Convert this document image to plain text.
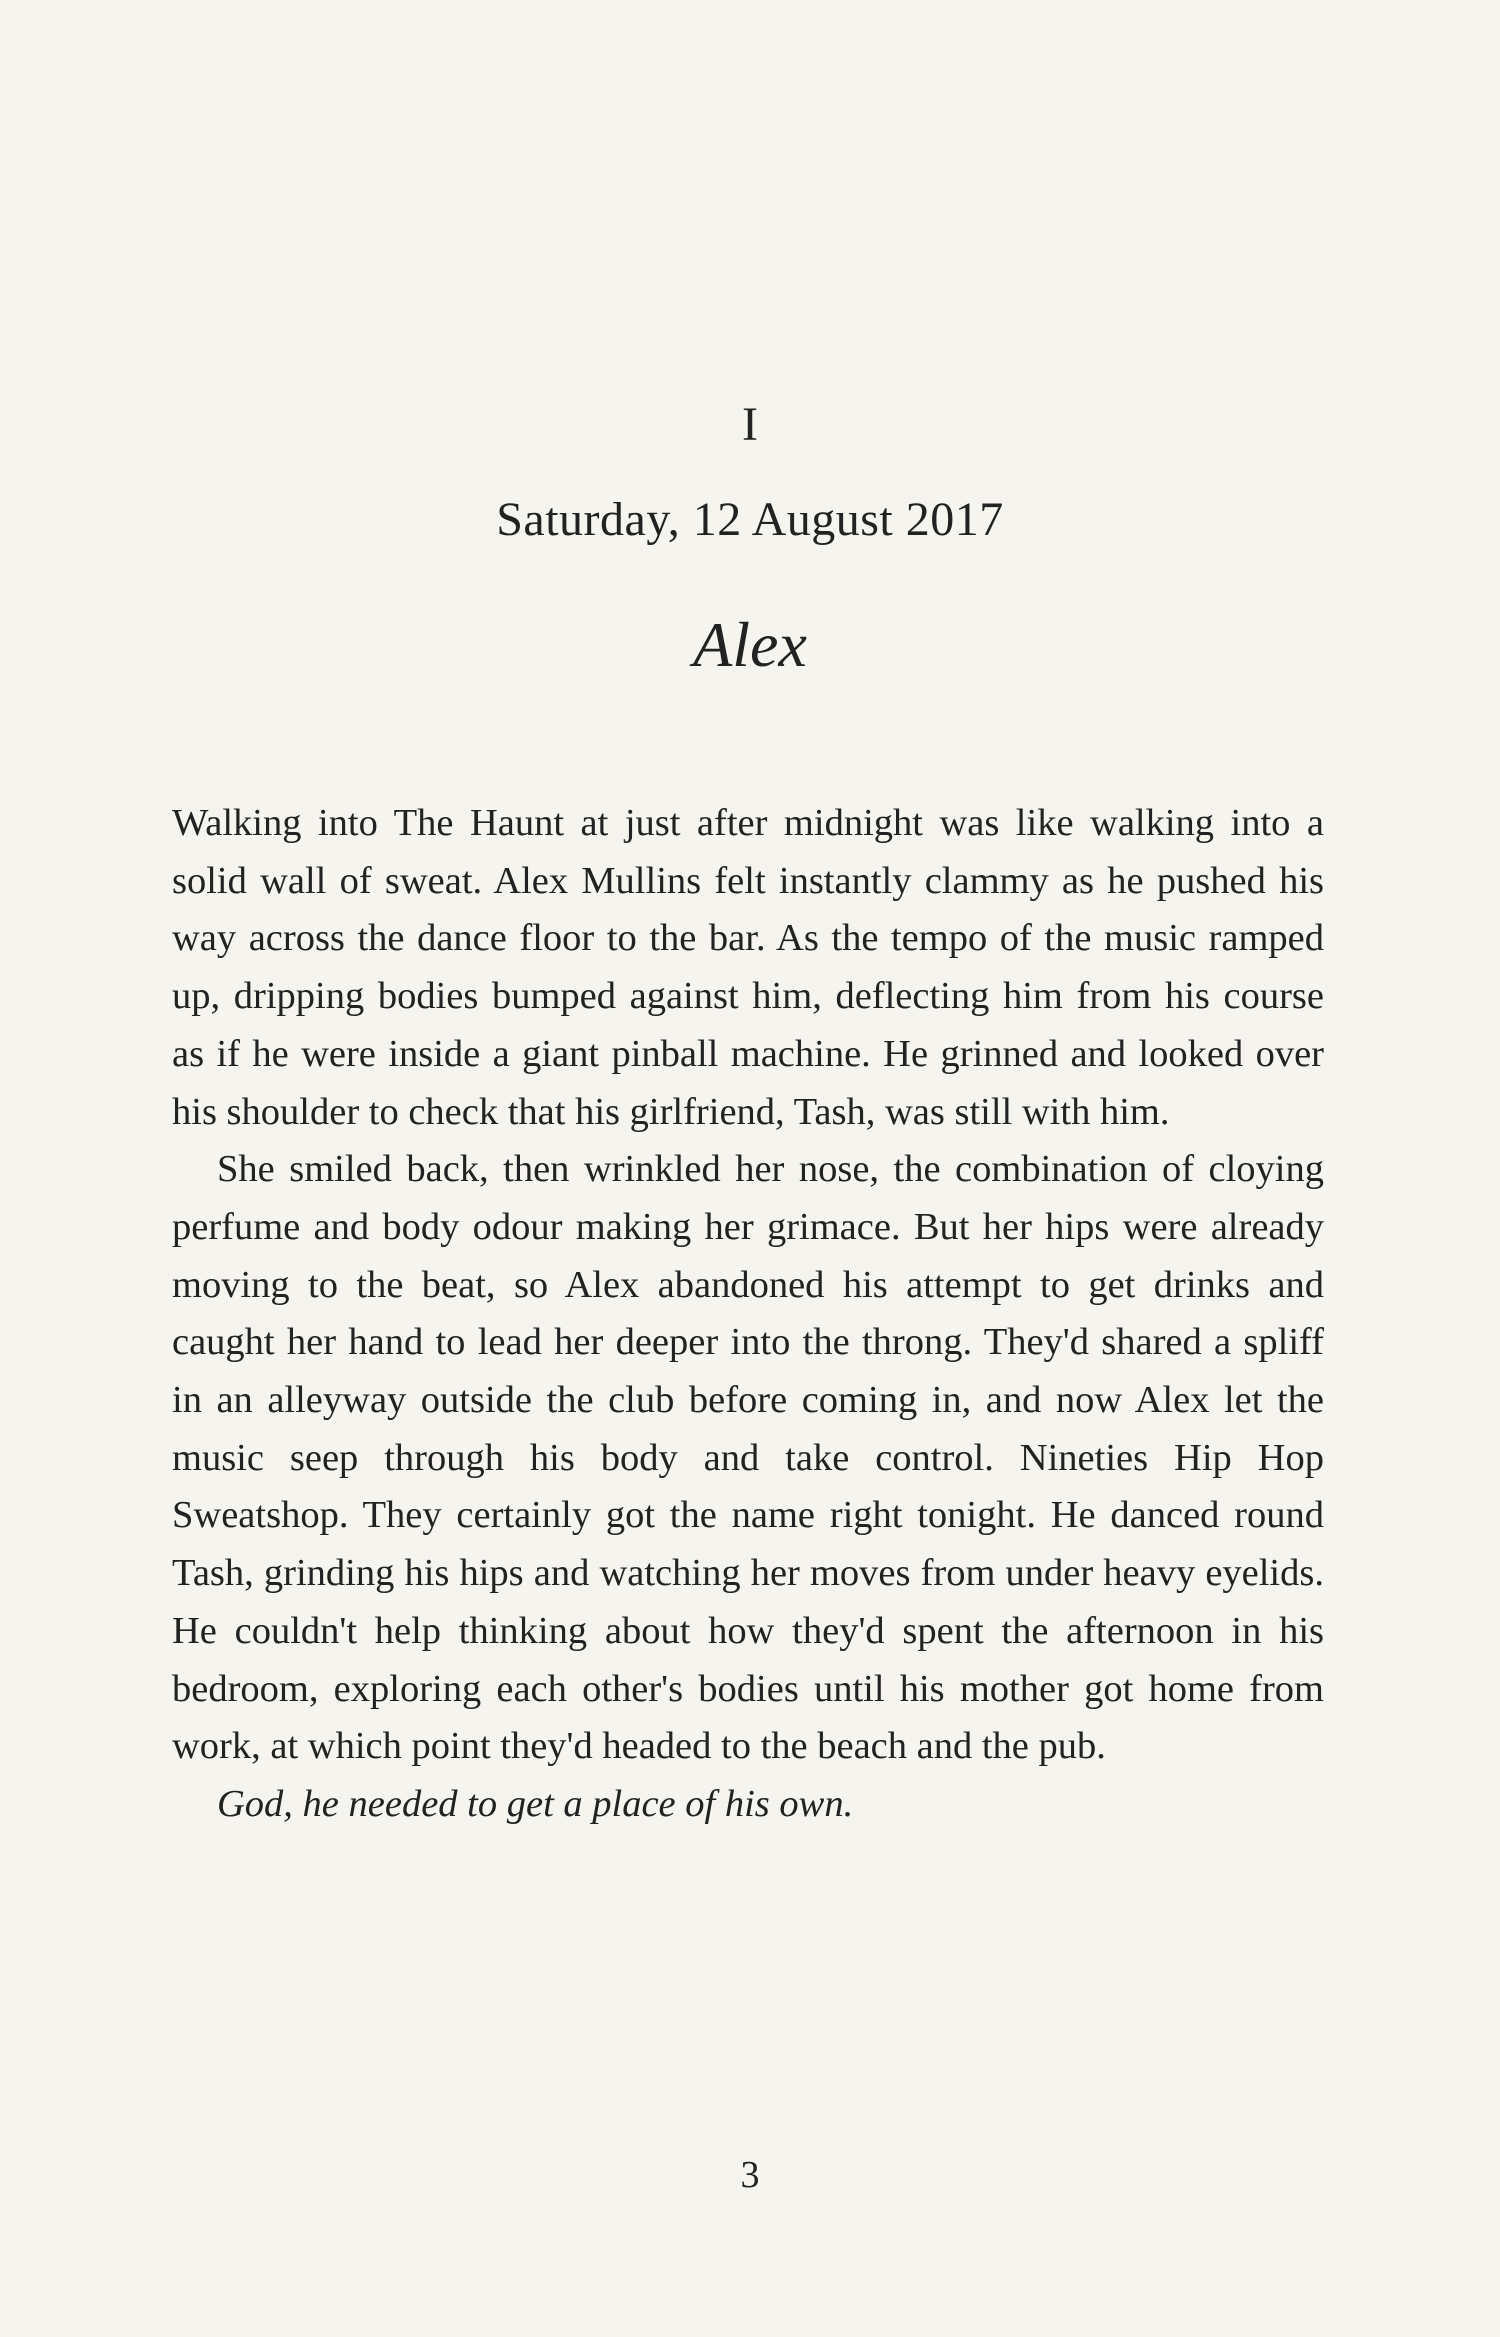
I
Saturday, 12 August 2017
Alex

Walking into The Haunt at just after midnight was like walking into a solid wall of sweat. Alex Mullins felt instantly clammy as he pushed his way across the dance floor to the bar. As the tempo of the music ramped up, dripping bodies bumped against him, deflecting him from his course as if he were inside a giant pinball machine. He grinned and looked over his shoulder to check that his girlfriend, Tash, was still with him.

She smiled back, then wrinkled her nose, the combination of cloying perfume and body odour making her grimace. But her hips were already moving to the beat, so Alex abandoned his attempt to get drinks and caught her hand to lead her deeper into the throng. They'd shared a spliff in an alleyway outside the club before coming in, and now Alex let the music seep through his body and take control. Nineties Hip Hop Sweatshop. They certainly got the name right tonight. He danced round Tash, grinding his hips and watching her moves from under heavy eyelids. He couldn't help thinking about how they'd spent the afternoon in his bedroom, exploring each other's bodies until his mother got home from work, at which point they'd headed to the beach and the pub.

God, he needed to get a place of his own.

3
